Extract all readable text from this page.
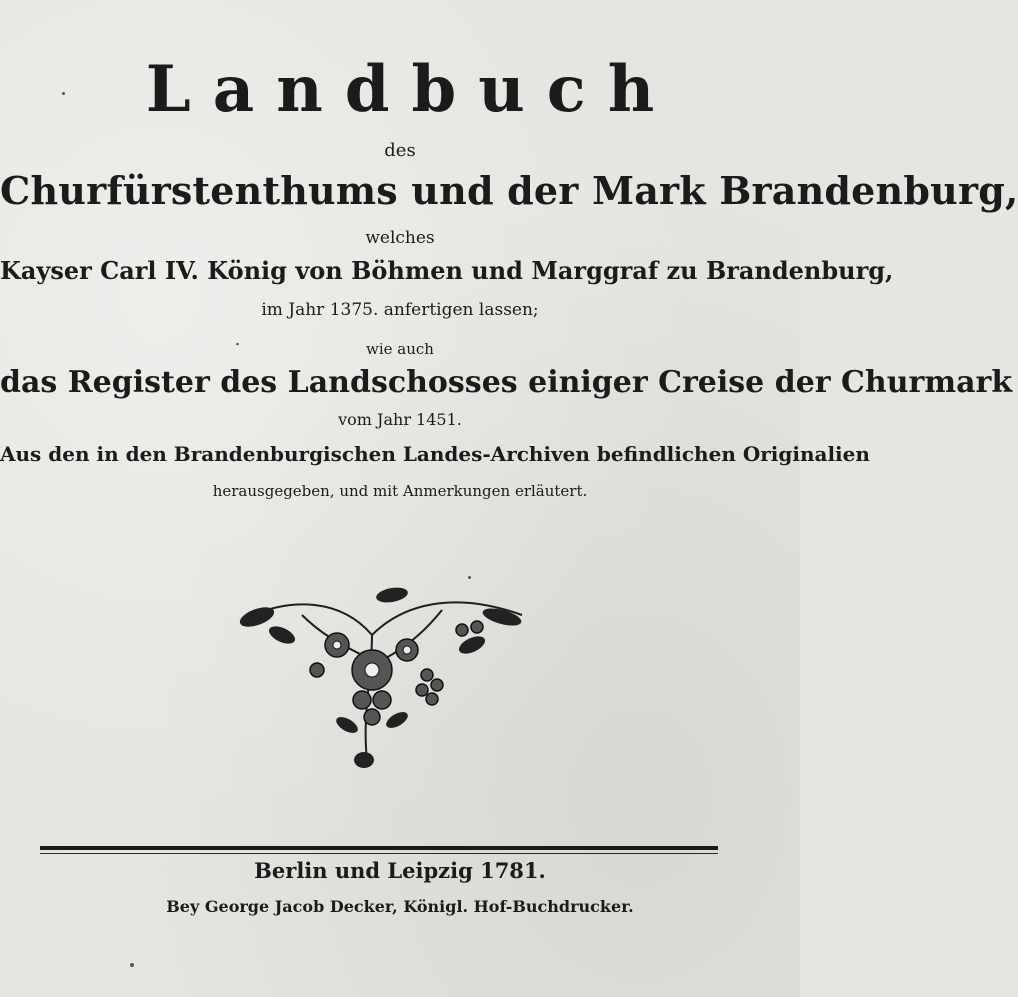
Landbuch
des
Churfürstenthums und der Mark Brandenburg,
welches
Kayser Carl IV. König von Böhmen und Marggraf zu Brandenburg,
im Jahr 1375. anfertigen lassen;
wie auch
das Register des Landschosses einiger Creise der Churmark
vom Jahr 1451.
Aus den in den Brandenburgischen Landes-Archiven befindlichen Originalien
herausgegeben, und mit Anmerkungen erläutert.
Berlin und Leipzig 1781.
Bey George Jacob Decker, Königl. Hof-Buchdrucker.
